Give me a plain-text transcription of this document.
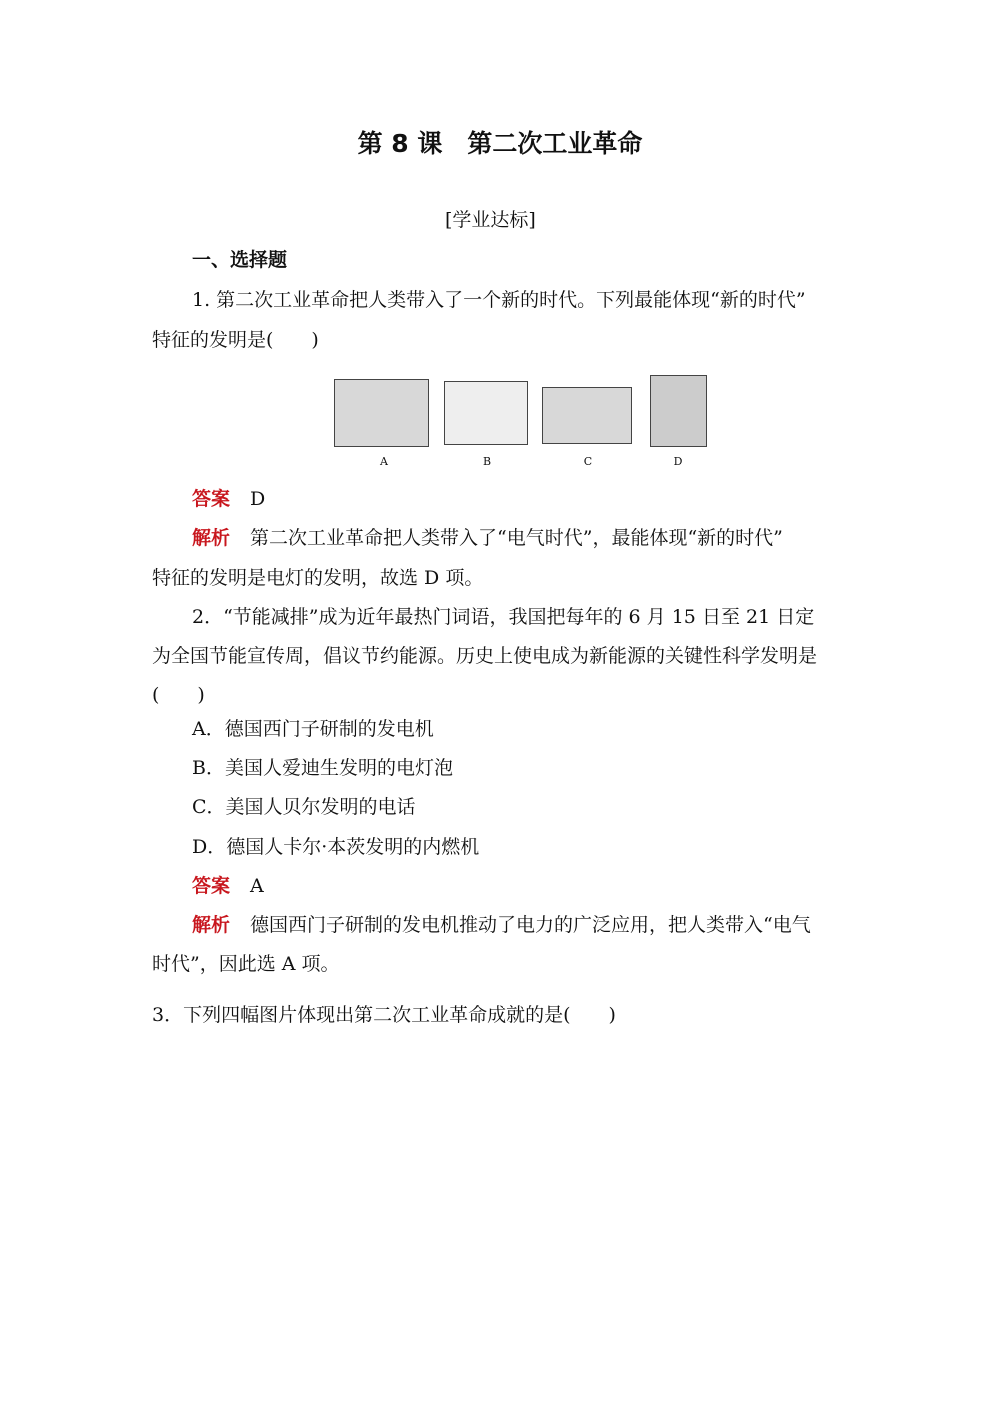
第 8 课　第二次工业革命
[学业达标]
一、选择题
1. 第二次工业革命把人类带入了一个新的时代。下列最能体现“新的时代”
特征的发明是(　　)
A	B	C	D
答案 D
解析 第二次工业革命把人类带入了“电气时代”，最能体现“新的时代”
特征的发明是电灯的发明，故选 D 项。
2．“节能减排”成为近年最热门词语，我国把每年的 6 月 15 日至 21 日定
为全国节能宣传周，倡议节约能源。历史上使电成为新能源的关键性科学发明是
(　　)
A．德国西门子研制的发电机
B．美国人爱迪生发明的电灯泡
C．美国人贝尔发明的电话
D．德国人卡尔·本茨发明的内燃机
答案 A
解析 德国西门子研制的发电机推动了电力的广泛应用，把人类带入“电气
时代”，因此选 A 项。
3．下列四幅图片体现出第二次工业革命成就的是(　　)
